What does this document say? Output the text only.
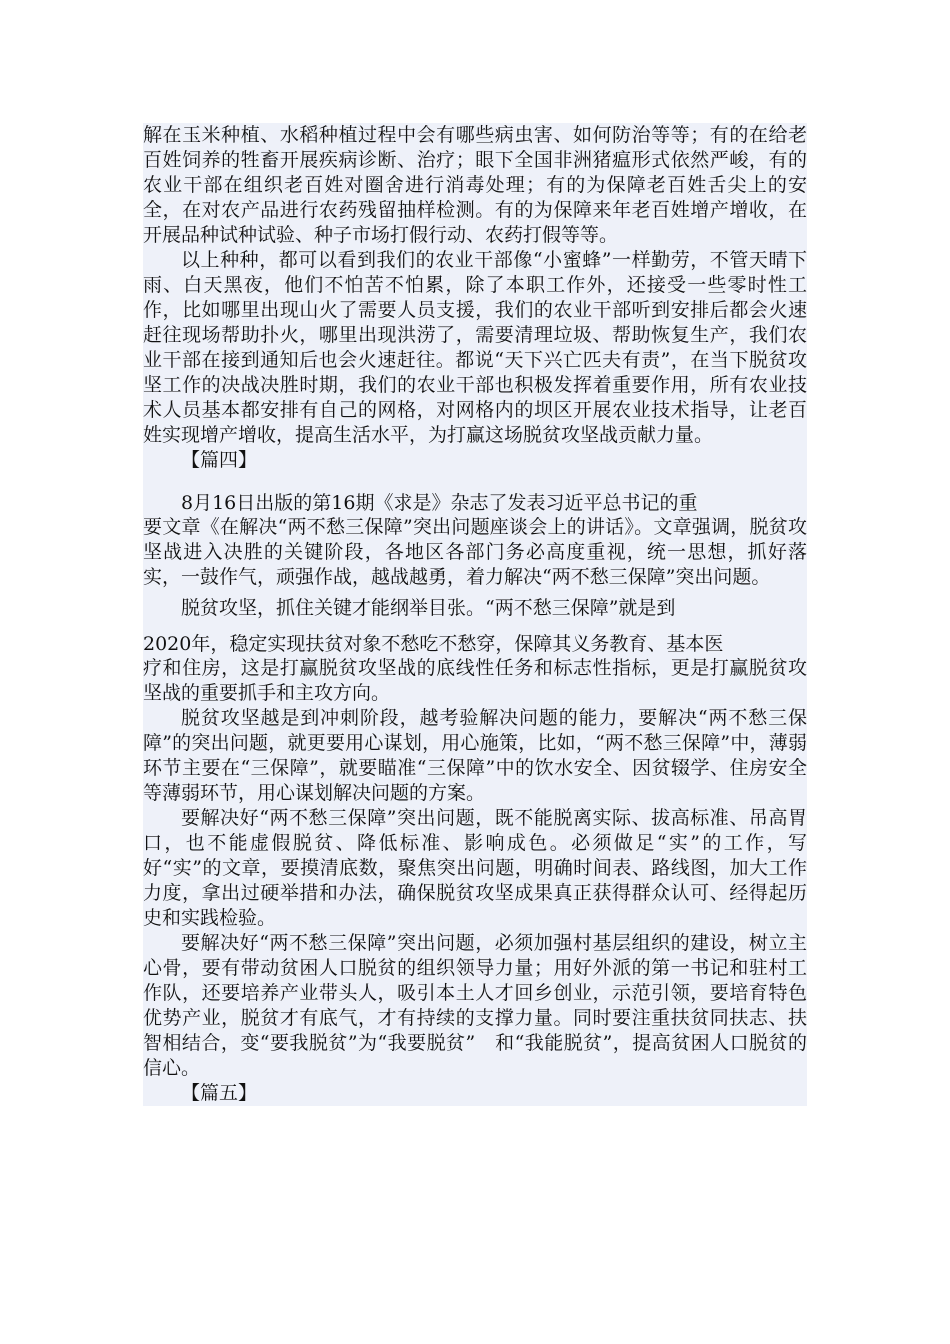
解在玉米种植、水稻种植过程中会有哪些病虫害、如何防治等等；有的在给老百姓饲养的牲畜开展疾病诊断、治疗；眼下全国非洲猪瘟形式依然严峻，有的农业干部在组织老百姓对圈舍进行消毒处理；有的为保障老百姓舌尖上的安全，在对农产品进行农药残留抽样检测。有的为保障来年老百姓增产增收，在开展品种试种试验、种子市场打假行动、农药打假等等。

以上种种，都可以看到我们的农业干部像“小蜜蜂”一样勤劳，不管天晴下雨、白天黑夜，他们不怕苦不怕累，除了本职工作外，还接受一些零时性工作，比如哪里出现山火了需要人员支援，我们的农业干部听到安排后都会火速赶往现场帮助扑火，哪里出现洪涝了，需要清理垃圾、帮助恢复生产，我们农业干部在接到通知后也会火速赶往。都说“天下兴亡匹夫有责”，在当下脱贫攻坚工作的决战决胜时期，我们的农业干部也积极发挥着重要作用，所有农业技术人员基本都安排有自己的网格，对网格内的坝区开展农业技术指导，让老百姓实现增产增收，提高生活水平，为打赢这场脱贫攻坚战贡献力量。

【篇四】

8月16日出版的第16期《求是》杂志了发表习近平总书记的重

要文章《在解决“两不愁三保障”突出问题座谈会上的讲话》。文章强调，脱贫攻坚战进入决胜的关键阶段，各地区各部门务必高度重视，统一思想，抓好落实，一鼓作气，顽强作战，越战越勇，着力解决“两不愁三保障”突出问题。

脱贫攻坚，抓住关键才能纲举目张。“两不愁三保障”就是到

2020年，稳定实现扶贫对象不愁吃不愁穿，保障其义务教育、基本医

疗和住房，这是打赢脱贫攻坚战的底线性任务和标志性指标，更是打赢脱贫攻坚战的重要抓手和主攻方向。

脱贫攻坚越是到冲刺阶段，越考验解决问题的能力，要解决“两不愁三保障”的突出问题，就更要用心谋划，用心施策，比如，“两不愁三保障”中，薄弱环节主要在“三保障”，就要瞄准“三保障”中的饮水安全、因贫辍学、住房安全等薄弱环节，用心谋划解决问题的方案。

要解决好“两不愁三保障”突出问题，既不能脱离实际、拔高标准、吊高胃口，也不能虚假脱贫、降低标准、影响成色。必须做足“实”的工作，写好“实”的文章，要摸清底数，聚焦突出问题，明确时间表、路线图，加大工作力度，拿出过硬举措和办法，确保脱贫攻坚成果真正获得群众认可、经得起历史和实践检验。

要解决好“两不愁三保障”突出问题，必须加强村基层组织的建设，树立主心骨，要有带动贫困人口脱贫的组织领导力量；用好外派的第一书记和驻村工作队，还要培养产业带头人，吸引本土人才回乡创业，示范引领，要培育特色优势产业，脱贫才有底气，才有持续的支撑力量。同时要注重扶贫同扶志、扶智相结合，变“要我脱贫”为“我要脱贫”　和“我能脱贫”，提高贫困人口脱贫的信心。

【篇五】
